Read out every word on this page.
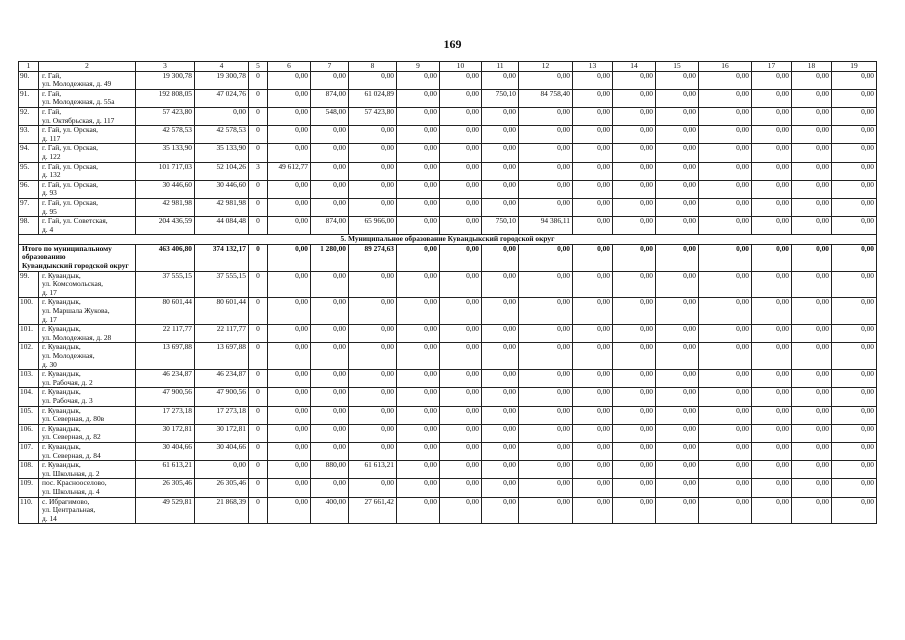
169
1	2	3	4	5	6	7	8	9	10	11	12	13	14	15	16	17	18	19
90.	г. Гай,
ул. Молодежная, д. 49	19 300,78	19 300,78	0	0,00	0,00	0,00	0,00	0,00	0,00	0,00	0,00	0,00	0,00	0,00	0,00	0,00	0,00
91.	г. Гай,
ул. Молодежная, д. 55а	192 808,05	47 024,76	0	0,00	874,00	61 024,89	0,00	0,00	750,10	84 758,40	0,00	0,00	0,00	0,00	0,00	0,00	0,00
92.	г. Гай,
ул. Октябрьская, д. 117	57 423,80	0,00	0	0,00	548,00	57 423,80	0,00	0,00	0,00	0,00	0,00	0,00	0,00	0,00	0,00	0,00	0,00
93.	г. Гай, ул. Орская,
д. 117	42 578,53	42 578,53	0	0,00	0,00	0,00	0,00	0,00	0,00	0,00	0,00	0,00	0,00	0,00	0,00	0,00	0,00
94.	г. Гай, ул. Орская,
д. 122	35 133,90	35 133,90	0	0,00	0,00	0,00	0,00	0,00	0,00	0,00	0,00	0,00	0,00	0,00	0,00	0,00	0,00
95.	г. Гай, ул. Орская,
д. 132	101 717,03	52 104,26	3	49 612,77	0,00	0,00	0,00	0,00	0,00	0,00	0,00	0,00	0,00	0,00	0,00	0,00	0,00
96.	г. Гай, ул. Орская,
д. 93	30 446,60	30 446,60	0	0,00	0,00	0,00	0,00	0,00	0,00	0,00	0,00	0,00	0,00	0,00	0,00	0,00	0,00
97.	г. Гай, ул. Орская,
д. 95	42 981,98	42 981,98	0	0,00	0,00	0,00	0,00	0,00	0,00	0,00	0,00	0,00	0,00	0,00	0,00	0,00	0,00
98.	г. Гай, ул. Советская,
д. 4	204 436,59	44 084,48	0	0,00	874,00	65 966,00	0,00	0,00	750,10	94 386,11	0,00	0,00	0,00	0,00	0,00	0,00	0,00
5. Муниципальное образование Кувандыкский городской округ																		
Итого по муниципальному образованию
Кувандыкский городской округ		463 406,80	374 132,17	0	0,00	1 280,00	89 274,63	0,00	0,00	0,00	0,00	0,00	0,00	0,00	0,00	0,00	0,00	0,00
99.	г. Кувандык,
ул. Комсомольская,
д. 17	37 555,15	37 555,15	0	0,00	0,00	0,00	0,00	0,00	0,00	0,00	0,00	0,00	0,00	0,00	0,00	0,00	0,00
100.	г. Кувандык,
ул. Маршала Жукова,
д. 17	80 601,44	80 601,44	0	0,00	0,00	0,00	0,00	0,00	0,00	0,00	0,00	0,00	0,00	0,00	0,00	0,00	0,00
101.	г. Кувандык,
ул. Молодежная, д. 28	22 117,77	22 117,77	0	0,00	0,00	0,00	0,00	0,00	0,00	0,00	0,00	0,00	0,00	0,00	0,00	0,00	0,00
102.	г. Кувандык,
ул. Молодежная,
д. 30	13 697,88	13 697,88	0	0,00	0,00	0,00	0,00	0,00	0,00	0,00	0,00	0,00	0,00	0,00	0,00	0,00	0,00
103.	г. Кувандык,
ул. Рабочая, д. 2	46 234,87	46 234,87	0	0,00	0,00	0,00	0,00	0,00	0,00	0,00	0,00	0,00	0,00	0,00	0,00	0,00	0,00
104.	г. Кувандык,
ул. Рабочая, д. 3	47 900,56	47 900,56	0	0,00	0,00	0,00	0,00	0,00	0,00	0,00	0,00	0,00	0,00	0,00	0,00	0,00	0,00
105.	г. Кувандык,
ул. Северная, д. 80в	17 273,18	17 273,18	0	0,00	0,00	0,00	0,00	0,00	0,00	0,00	0,00	0,00	0,00	0,00	0,00	0,00	0,00
106.	г. Кувандык,
ул. Северная, д. 82	30 172,81	30 172,81	0	0,00	0,00	0,00	0,00	0,00	0,00	0,00	0,00	0,00	0,00	0,00	0,00	0,00	0,00
107.	г. Кувандык,
ул. Северная, д. 84	30 404,66	30 404,66	0	0,00	0,00	0,00	0,00	0,00	0,00	0,00	0,00	0,00	0,00	0,00	0,00	0,00	0,00
108.	г. Кувандык,
ул. Школьная, д. 2	61 613,21	0,00	0	0,00	880,00	61 613,21	0,00	0,00	0,00	0,00	0,00	0,00	0,00	0,00	0,00	0,00	0,00
109.	пос. Краснооселово,
ул. Школьная, д. 4	26 305,46	26 305,46	0	0,00	0,00	0,00	0,00	0,00	0,00	0,00	0,00	0,00	0,00	0,00	0,00	0,00	0,00
110.	с. Ибрагимово,
ул. Центральная,
д. 14	49 529,81	21 868,39	0	0,00	400,00	27 661,42	0,00	0,00	0,00	0,00	0,00	0,00	0,00	0,00	0,00	0,00	0,00
